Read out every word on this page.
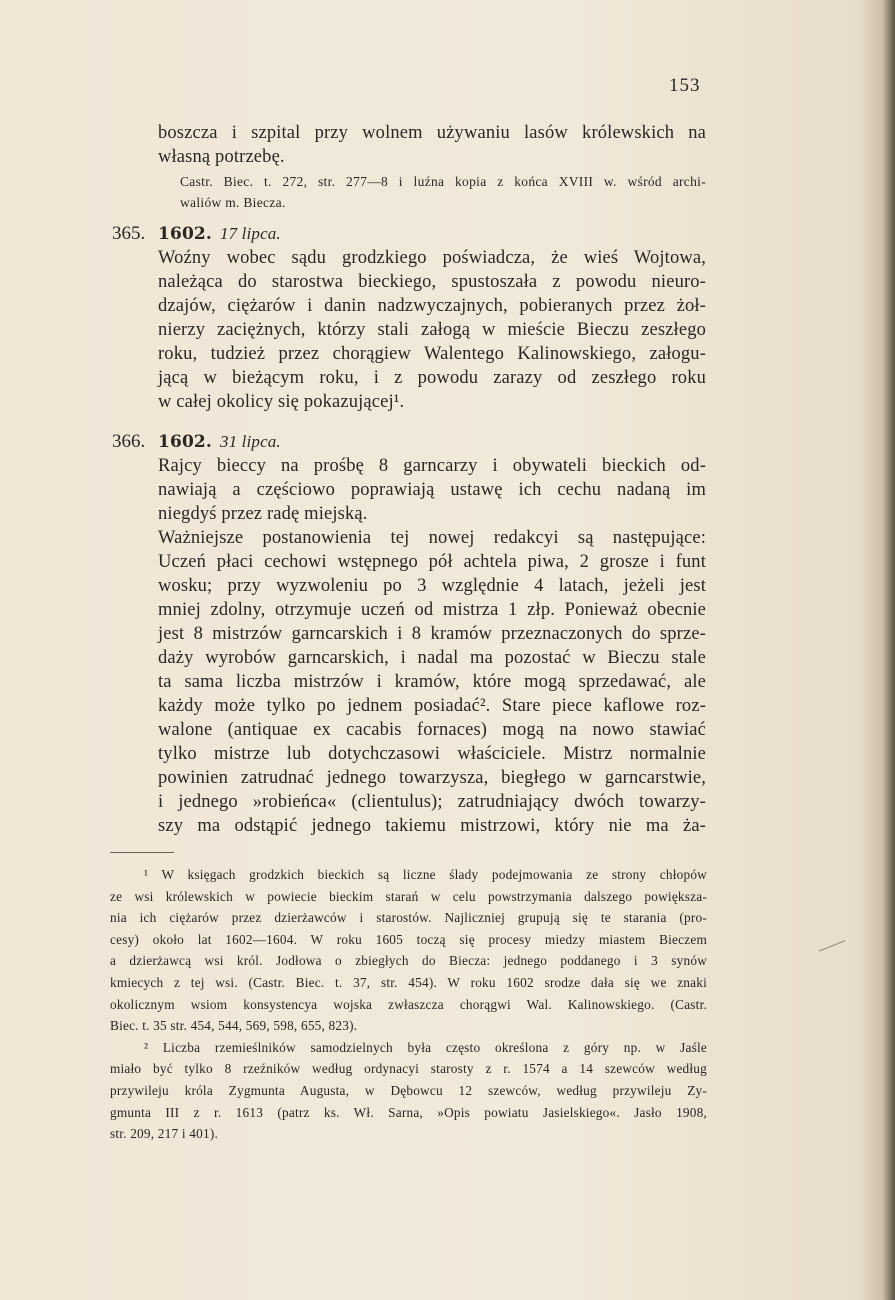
153
boszcza i szpital przy wolnem używaniu lasów królewskich na
własną potrzebę.
Castr. Biec. t. 272, str. 277—8 i luźna kopia z końca XVIII w. wśród archi-
waliów m. Biecza.
365. 1602. 17 lipca.
Woźny wobec sądu grodzkiego poświadcza, że wieś Wojtowa,
należąca do starostwa bieckiego, spustoszała z powodu nieuro-
dzajów, ciężarów i danin nadzwyczajnych, pobieranych przez żoł-
nierzy zaciężnych, którzy stali załogą w mieście Bieczu zeszłego
roku, tudzież przez chorągiew Walentego Kalinowskiego, załogu-
jącą w bieżącym roku, i z powodu zarazy od zeszłego roku
w całej okolicy się pokazującej¹.
366. 1602. 31 lipca.
Rajcy bieccy na prośbę 8 garncarzy i obywateli bieckich od-
nawiają a częściowo poprawiają ustawę ich cechu nadaną im
niegdyś przez radę miejską.
Ważniejsze postanowienia tej nowej redakcyi są następujące:
Uczeń płaci cechowi wstępnego pół achtela piwa, 2 grosze i funt
wosku; przy wyzwoleniu po 3 względnie 4 latach, jeżeli jest
mniej zdolny, otrzymuje uczeń od mistrza 1 złp. Ponieważ obecnie
jest 8 mistrzów garncarskich i 8 kramów przeznaczonych do sprze-
daży wyrobów garncarskich, i nadal ma pozostać w Bieczu stale
ta sama liczba mistrzów i kramów, które mogą sprzedawać, ale
każdy może tylko po jednem posiadać². Stare piece kaflowe roz-
walone (antiquae ex cacabis fornaces) mogą na nowo stawiać
tylko mistrze lub dotychczasowi właściciele. Mistrz normalnie
powinien zatrudnać jednego towarzysza, biegłego w garncarstwie,
i jednego »robieńca« (clientulus); zatrudniający dwóch towarzy-
szy ma odstąpić jednego takiemu mistrzowi, który nie ma ża-
¹ W księgach grodzkich bieckich są liczne ślady podejmowania ze strony chłopów
ze wsi królewskich w powiecie bieckim starań w celu powstrzymania dalszego powiększa-
nia ich ciężarów przez dzierżawców i starostów. Najliczniej grupują się te starania (pro-
cesy) około lat 1602—1604. W roku 1605 toczą się procesy miedzy miastem Bieczem
a dzierżawcą wsi król. Jodłowa o zbiegłych do Biecza: jednego poddanego i 3 synów
kmiecych z tej wsi. (Castr. Biec. t. 37, str. 454). W roku 1602 srodze dała się we znaki
okolicznym wsiom konsystencya wojska zwłaszcza chorągwi Wal. Kalinowskiego. (Castr.
Biec. t. 35 str. 454, 544, 569, 598, 655, 823).
² Liczba rzemieślników samodzielnych była często określona z góry np. w Jaśle
miało być tylko 8 rzeźników według ordynacyi starosty z r. 1574 a 14 szewców według
przywileju króla Zygmunta Augusta, w Dębowcu 12 szewców, według przywileju Zy-
gmunta III z r. 1613 (patrz ks. Wł. Sarna, »Opis powiatu Jasielskiego«. Jasło 1908,
str. 209, 217 i 401).
